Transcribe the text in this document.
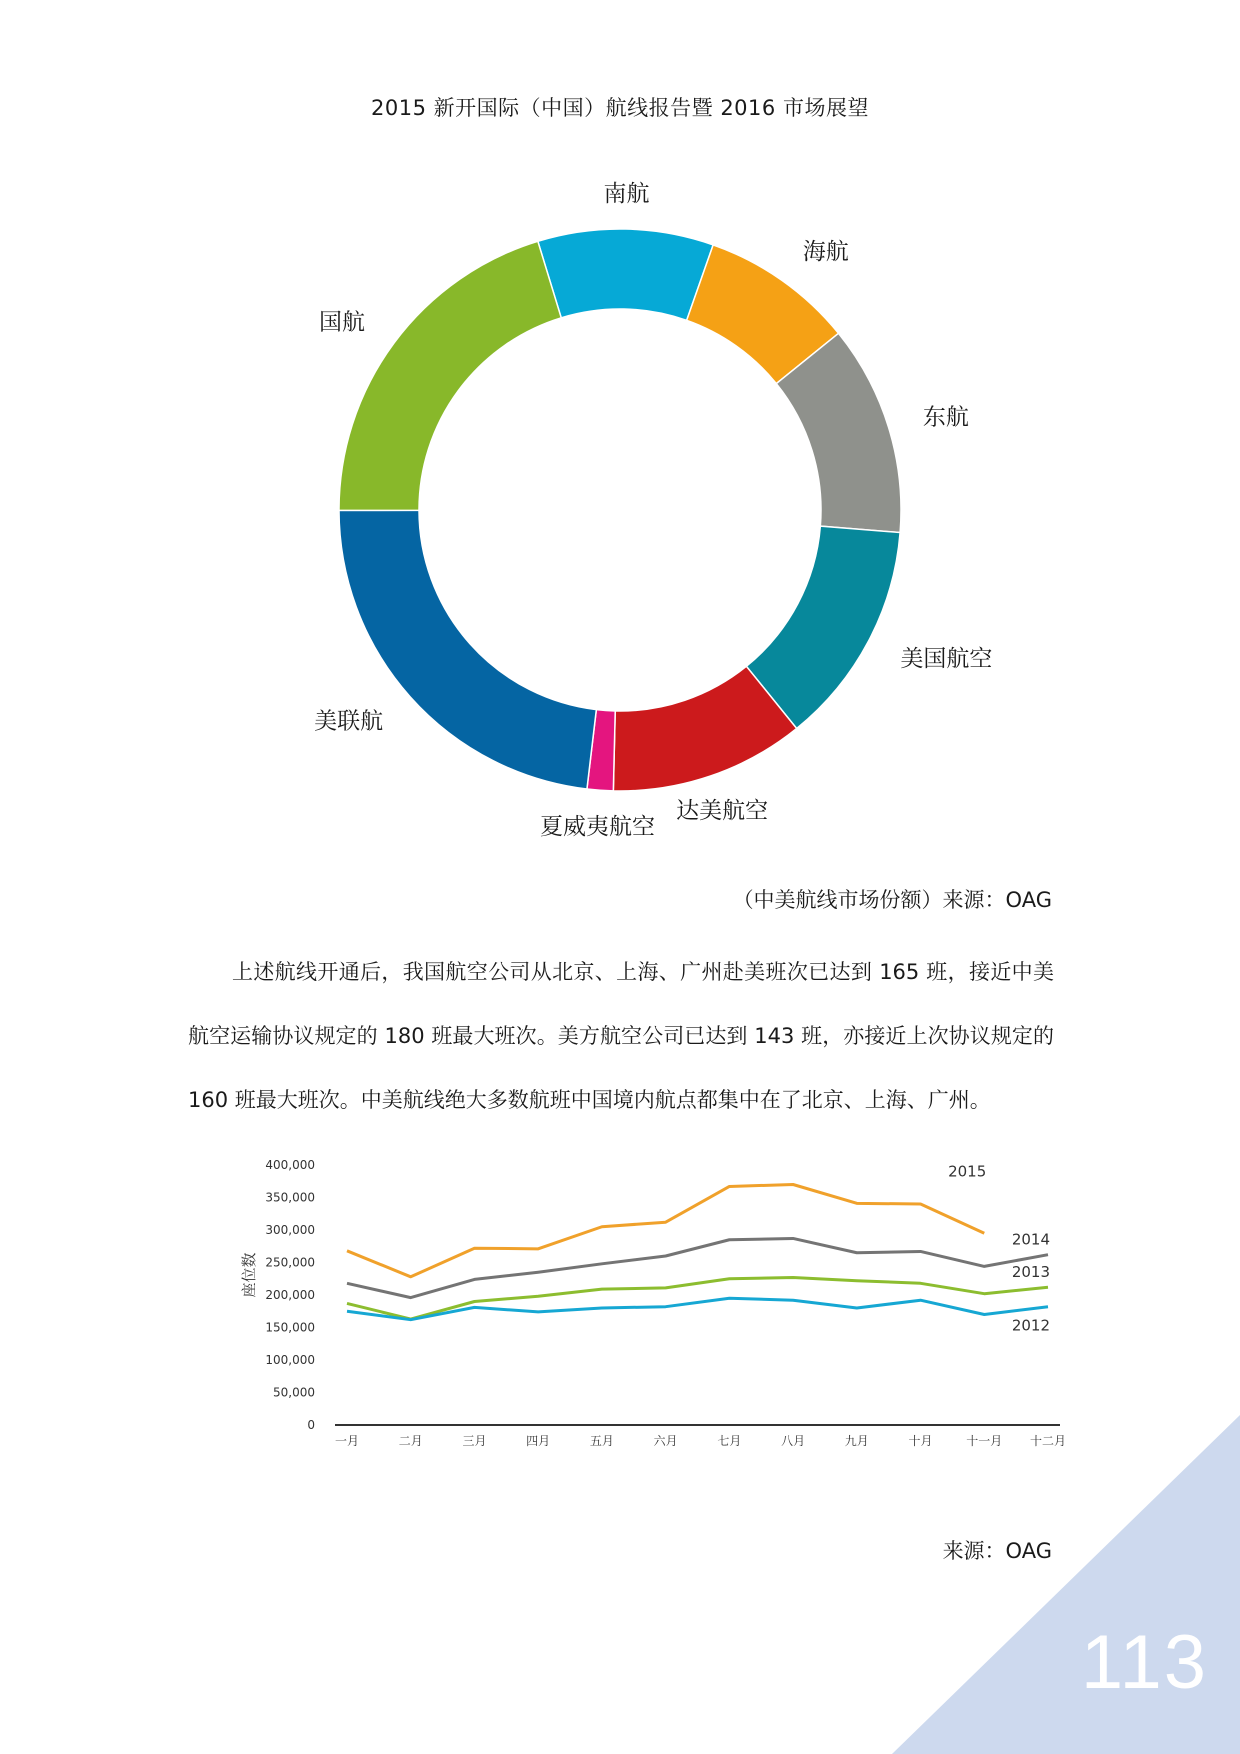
2015 新开国际（中国）航线报告暨 2016 市场展望
南航
海航
东航
美国航空
达美航空
夏威夷航空
美联航
国航
（中美航线市场份额）来源：OAG
上述航线开通后，我国航空公司从北京、上海、广州赴美班次已达到 165 班，接近中美航空运输协议规定的 180 班最大班次。美方航空公司已达到 143 班，亦接近上次协议规定的 160 班最大班次。中美航线绝大多数航班中国境内航点都集中在了北京、上海、广州。
0
50,000
100,000
150,000
200,000
250,000
300,000
350,000
400,000
一月	二月	三月	四月	五月	六月	七月	八月	九月	十月	十一月 十二月
2015
2014
2013
2012
座位数
来源：OAG
113
